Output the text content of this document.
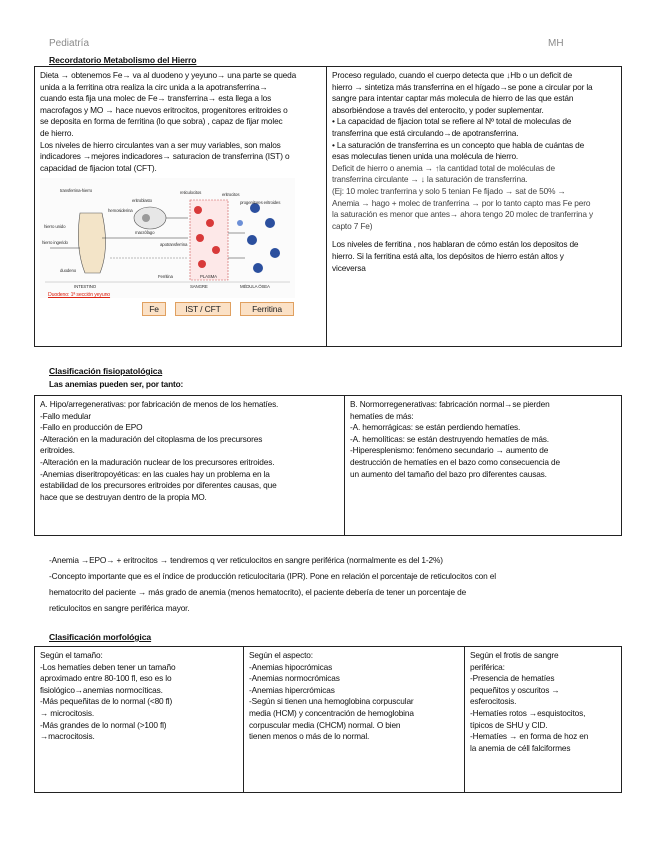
Pediatría	MH
Recordatorio Metabolismo del Hierro

Dieta → obtenemos Fe→ va al duodeno y yeyuno→ una parte se queda

unida a la ferritina otra realiza la circ unida a la apotransferrina→

cuando esta fija una molec de Fe→ transferrina→ esta llega a los

macrofagos y MO → hace nuevos eritrocitos, progenitores eritroides o

se deposita en forma de ferritina (lo que sobra) , capaz de fijar molec

de hierro.

Los niveles de hierro circulantes van a ser muy variables, son malos

indicadores →mejores indicadores→ saturacion de transferrina (IST) o

capacidad de fijacion total (CFT).

transferrina-hierro
hemosiderina
hierro unido
hierro ingerido
duodeno
macrófago
eritroblasto
apotransferrina
eritrocitos
reticulocitos
progenitores eritroides
INTESTINO	SANGRE	MÉDULA ÓSEA
PLASMA
Ferritina
Duodeno: 1ª sección yeyuno
Fe	IST / CFT	Ferritina

Proceso regulado, cuando el cuerpo detecta que ↓Hb o un deficit de

hierro → sintetiza más transferrina en el hígado→se pone a circular por la

sangre para intentar captar más molecula de hierro de las que están

absorbiéndose a través del enterocito, y poder suplementar.

• La capacidad de fijacion total se refiere al Nº total de moleculas de

transferrina que está circulando→de apotransferrina.

• La saturación de transferrina es un concepto que habla de cuántas de

esas moleculas tienen unida una molécula de hierro.

Deficit de hierro o anemia → ↑la cantidad total de moléculas de

transferrina circulante → ↓ la saturación de transferrina.

(Ej: 10 molec tranferrina y solo 5 tenian Fe fijado → sat de 50% →

Anemia → hago + molec de tranferrina → por lo tanto capto mas Fe pero

la saturación es menor que antes→ ahora tengo 20 molec de tranferrina y

capto 7 Fe)

Los niveles de ferritina , nos hablaran de cómo están los depositos de

hierro. Si la ferritina está alta, los depósitos de hierro están altos y

viceversa

Clasificación fisiopatológica
Las anemias pueden ser, por tanto:

A. Hipo/arregenerativas: por fabricación de menos de los hematíes.

-Fallo medular

-Fallo en producción de EPO

-Alteración en la maduración del citoplasma de los precursores

eritroides.

-Alteración en la maduración nuclear de los precursores eritroides.

-Anemias diseritropoyéticas: en las cuales hay un problema en la

estabilidad de los precursores eritroides por diferentes causas, que

hace que se destruyan dentro de la propia MO.

B. Normorregenerativas: fabricación normal→se pierden

hematíes de más:

-A. hemorrágicas: se están perdiendo hematíes.

-A. hemolíticas: se están destruyendo hematíes de más.

-Hiperesplenismo: fenómeno secundario → aumento de

destrucción de hematíes en el bazo como consecuencia de

un aumento del tamaño del bazo pro diferentes causas.

-Anemia →EPO→ + eritrocitos → tendremos q ver reticulocitos en sangre periférica (normalmente es del 1-2%)
-Concepto importante que es el índice de producción reticulocitaria (IPR). Pone en relación el porcentaje de reticulocitos con el
hematocrito del paciente → más grado de anemia (menos hematocrito), el paciente debería de tener un porcentaje de
reticulocitos en sangre periférica mayor.
Clasificación morfológica

Según el tamaño:

-Los hematíes deben tener un tamaño

aproximado entre 80-100 fl, eso es lo

fisiológico→anemias normocíticas.

-Más pequeñitas de lo normal (<80 fl)

→ microcitosis.

-Más grandes de lo normal (>100 fl)

→macrocitosis.

Según el aspecto:

-Anemias hipocrómicas

-Anemias normocrómicas

-Anemias hipercrómicas

-Según si tienen una hemoglobina corpuscular

media (HCM) y concentración de hemoglobina

corpuscular media (CHCM) normal. O bien

tienen menos o más de lo normal.

Según el frotis de sangre

periférica:

-Presencia de hematíes

pequeñitos y oscuritos →

esferocitosis.

-Hematíes rotos →esquistocitos,

típicos de SHU y CID.

-Hematíes → en forma de hoz en

la anemia de céll falciformes
